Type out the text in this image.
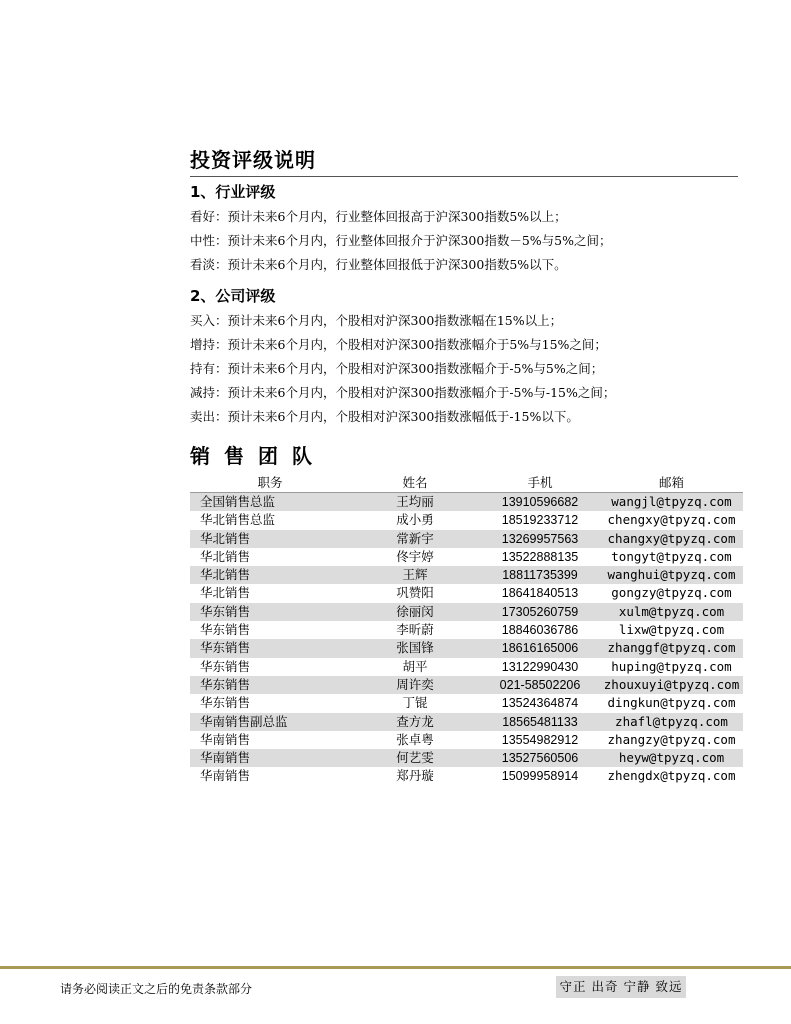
投资评级说明
1、行业评级
看好：预计未来6个月内，行业整体回报高于沪深300指数5%以上；
中性：预计未来6个月内，行业整体回报介于沪深300指数－5%与5%之间；
看淡：预计未来6个月内，行业整体回报低于沪深300指数5%以下。
2、公司评级
买入：预计未来6个月内，个股相对沪深300指数涨幅在15%以上；
增持：预计未来6个月内，个股相对沪深300指数涨幅介于5%与15%之间；
持有：预计未来6个月内，个股相对沪深300指数涨幅介于-5%与5%之间；
减持：预计未来6个月内，个股相对沪深300指数涨幅介于-5%与-15%之间；
卖出：预计未来6个月内，个股相对沪深300指数涨幅低于-15%以下。
销售团队
职务	姓名	手机	邮箱
全国销售总监	王均丽	13910596682	wangjl@tpyzq.com
华北销售总监	成小勇	18519233712	chengxy@tpyzq.com
华北销售	常新宇	13269957563	changxy@tpyzq.com
华北销售	佟宇婷	13522888135	tongyt@tpyzq.com
华北销售	王辉	18811735399	wanghui@tpyzq.com
华北销售	巩赞阳	18641840513	gongzy@tpyzq.com
华东销售	徐丽闵	17305260759	xulm@tpyzq.com
华东销售	李昕蔚	18846036786	lixw@tpyzq.com
华东销售	张国锋	18616165006	zhanggf@tpyzq.com
华东销售	胡平	13122990430	huping@tpyzq.com
华东销售	周许奕	021-58502206	zhouxuyi@tpyzq.com
华东销售	丁锟	13524364874	dingkun@tpyzq.com
华南销售副总监	查方龙	18565481133	zhafl@tpyzq.com
华南销售	张卓粤	13554982912	zhangzy@tpyzq.com
华南销售	何艺雯	13527560506	heyw@tpyzq.com
华南销售	郑丹璇	15099958914	zhengdx@tpyzq.com
请务必阅读正文之后的免责条款部分	守正 出奇 宁静 致远
